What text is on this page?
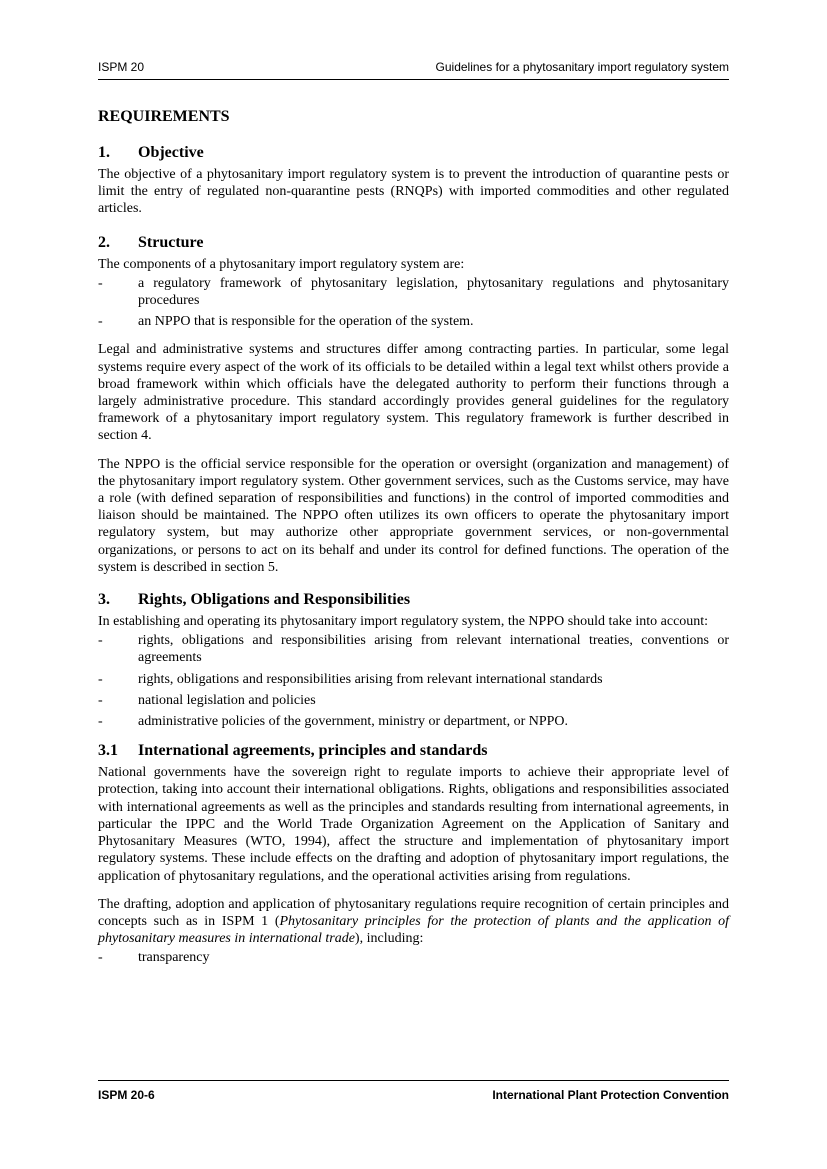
ISPM 20	Guidelines for a phytosanitary import regulatory system
REQUIREMENTS
1. Objective

The objective of a phytosanitary import regulatory system is to prevent the introduction of quarantine pests or limit the entry of regulated non-quarantine pests (RNQPs) with imported commodities and other regulated articles.

2. Structure

The components of a phytosanitary import regulatory system are:

-	a regulatory framework of phytosanitary legislation, phytosanitary regulations and phytosanitary procedures
-	an NPPO that is responsible for the operation of the system.

Legal and administrative systems and structures differ among contracting parties. In particular, some legal systems require every aspect of the work of its officials to be detailed within a legal text whilst others provide a broad framework within which officials have the delegated authority to perform their functions through a largely administrative procedure. This standard accordingly provides general guidelines for the regulatory framework of a phytosanitary import regulatory system. This regulatory framework is further described in section 4.

The NPPO is the official service responsible for the operation or oversight (organization and management) of the phytosanitary import regulatory system. Other government services, such as the Customs service, may have a role (with defined separation of responsibilities and functions) in the control of imported commodities and liaison should be maintained. The NPPO often utilizes its own officers to operate the phytosanitary import regulatory system, but may authorize other appropriate government services, or non-governmental organizations, or persons to act on its behalf and under its control for defined functions. The operation of the system is described in section 5.

3. Rights, Obligations and Responsibilities

In establishing and operating its phytosanitary import regulatory system, the NPPO should take into account:

-	rights, obligations and responsibilities arising from relevant international treaties, conventions or agreements
-	rights, obligations and responsibilities arising from relevant international standards
-	national legislation and policies
-	administrative policies of the government, ministry or department, or NPPO.
3.1 International agreements, principles and standards

National governments have the sovereign right to regulate imports to achieve their appropriate level of protection, taking into account their international obligations. Rights, obligations and responsibilities associated with international agreements as well as the principles and standards resulting from international agreements, in particular the IPPC and the World Trade Organization Agreement on the Application of Sanitary and Phytosanitary Measures (WTO, 1994), affect the structure and implementation of phytosanitary import regulatory systems. These include effects on the drafting and adoption of phytosanitary import regulations, the application of phytosanitary regulations, and the operational activities arising from regulations.

The drafting, adoption and application of phytosanitary regulations require recognition of certain principles and concepts such as in ISPM 1 (Phytosanitary principles for the protection of plants and the application of phytosanitary measures in international trade), including:

-	transparency
ISPM 20-6	International Plant Protection Convention
